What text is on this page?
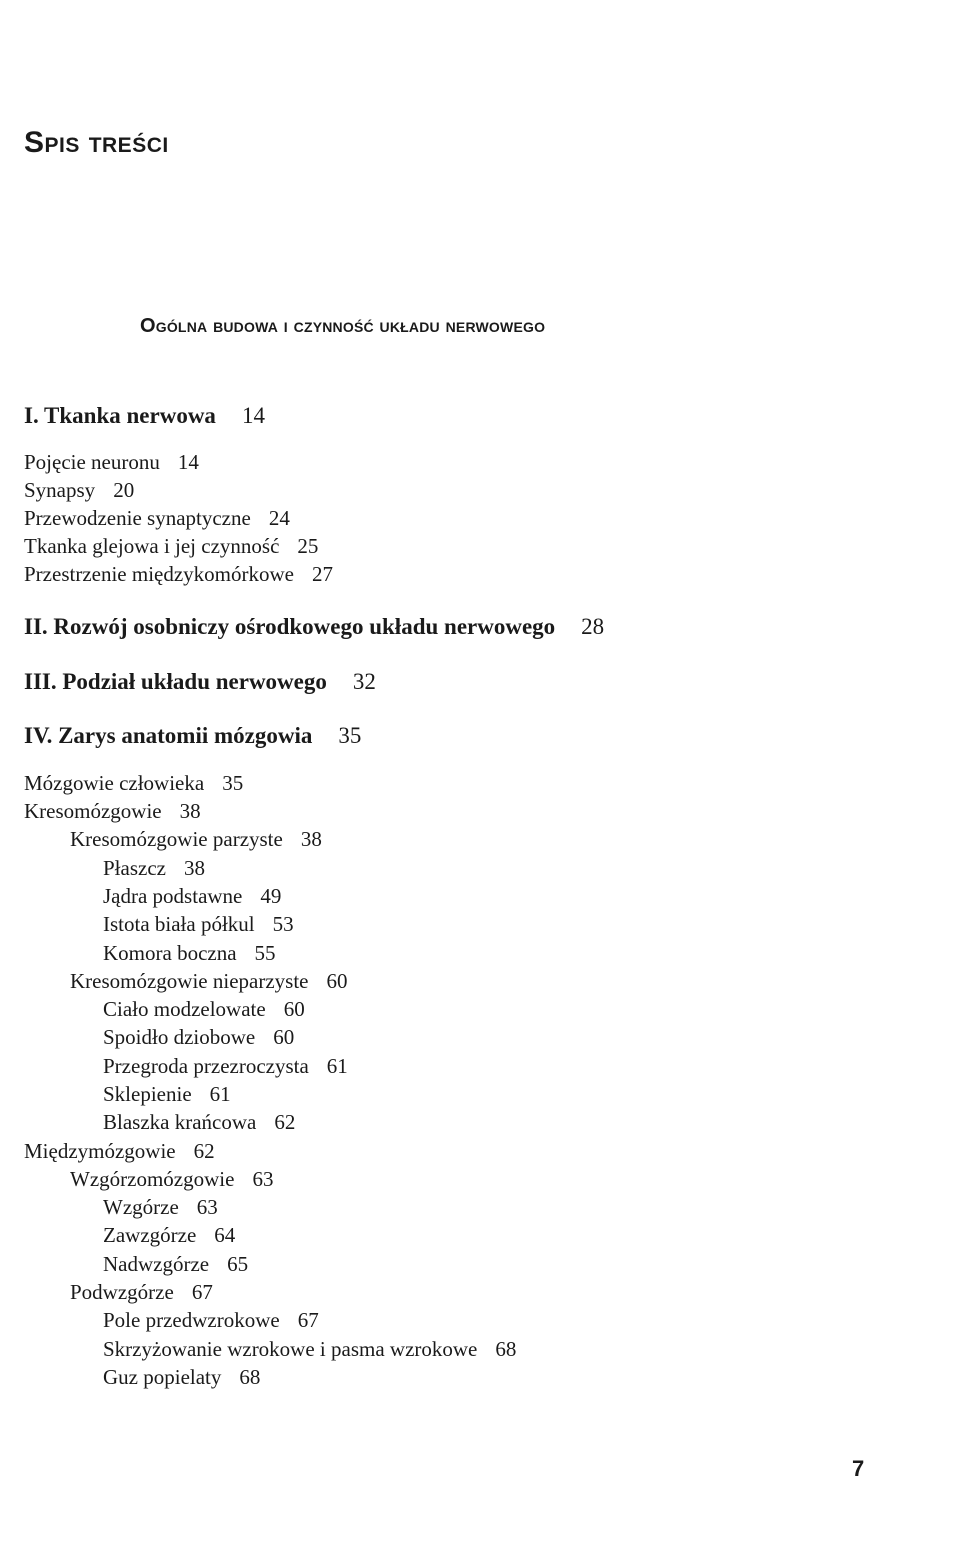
Spis treści
Ogólna budowa i czynność układu nerwowego
I. Tkanka nerwowa 14
Pojęcie neuronu 14
Synapsy 20
Przewodzenie synaptyczne 24
Tkanka glejowa i jej czynność 25
Przestrzenie międzykomórkowe 27
II. Rozwój osobniczy ośrodkowego układu nerwowego 28
III. Podział układu nerwowego 32
IV. Zarys anatomii mózgowia 35
Mózgowie człowieka 35
Kresomózgowie 38
Kresomózgowie parzyste 38
Płaszcz 38
Jądra podstawne 49
Istota biała półkul 53
Komora boczna 55
Kresomózgowie nieparzyste 60
Ciało modzelowate 60
Spoidło dziobowe 60
Przegroda przezroczysta 61
Sklepienie 61
Blaszka krańcowa 62
Międzymózgowie 62
Wzgórzomózgowie 63
Wzgórze 63
Zawzgórze 64
Nadwzgórze 65
Podwzgórze 67
Pole przedwzrokowe 67
Skrzyżowanie wzrokowe i pasma wzrokowe 68
Guz popielaty 68
7
